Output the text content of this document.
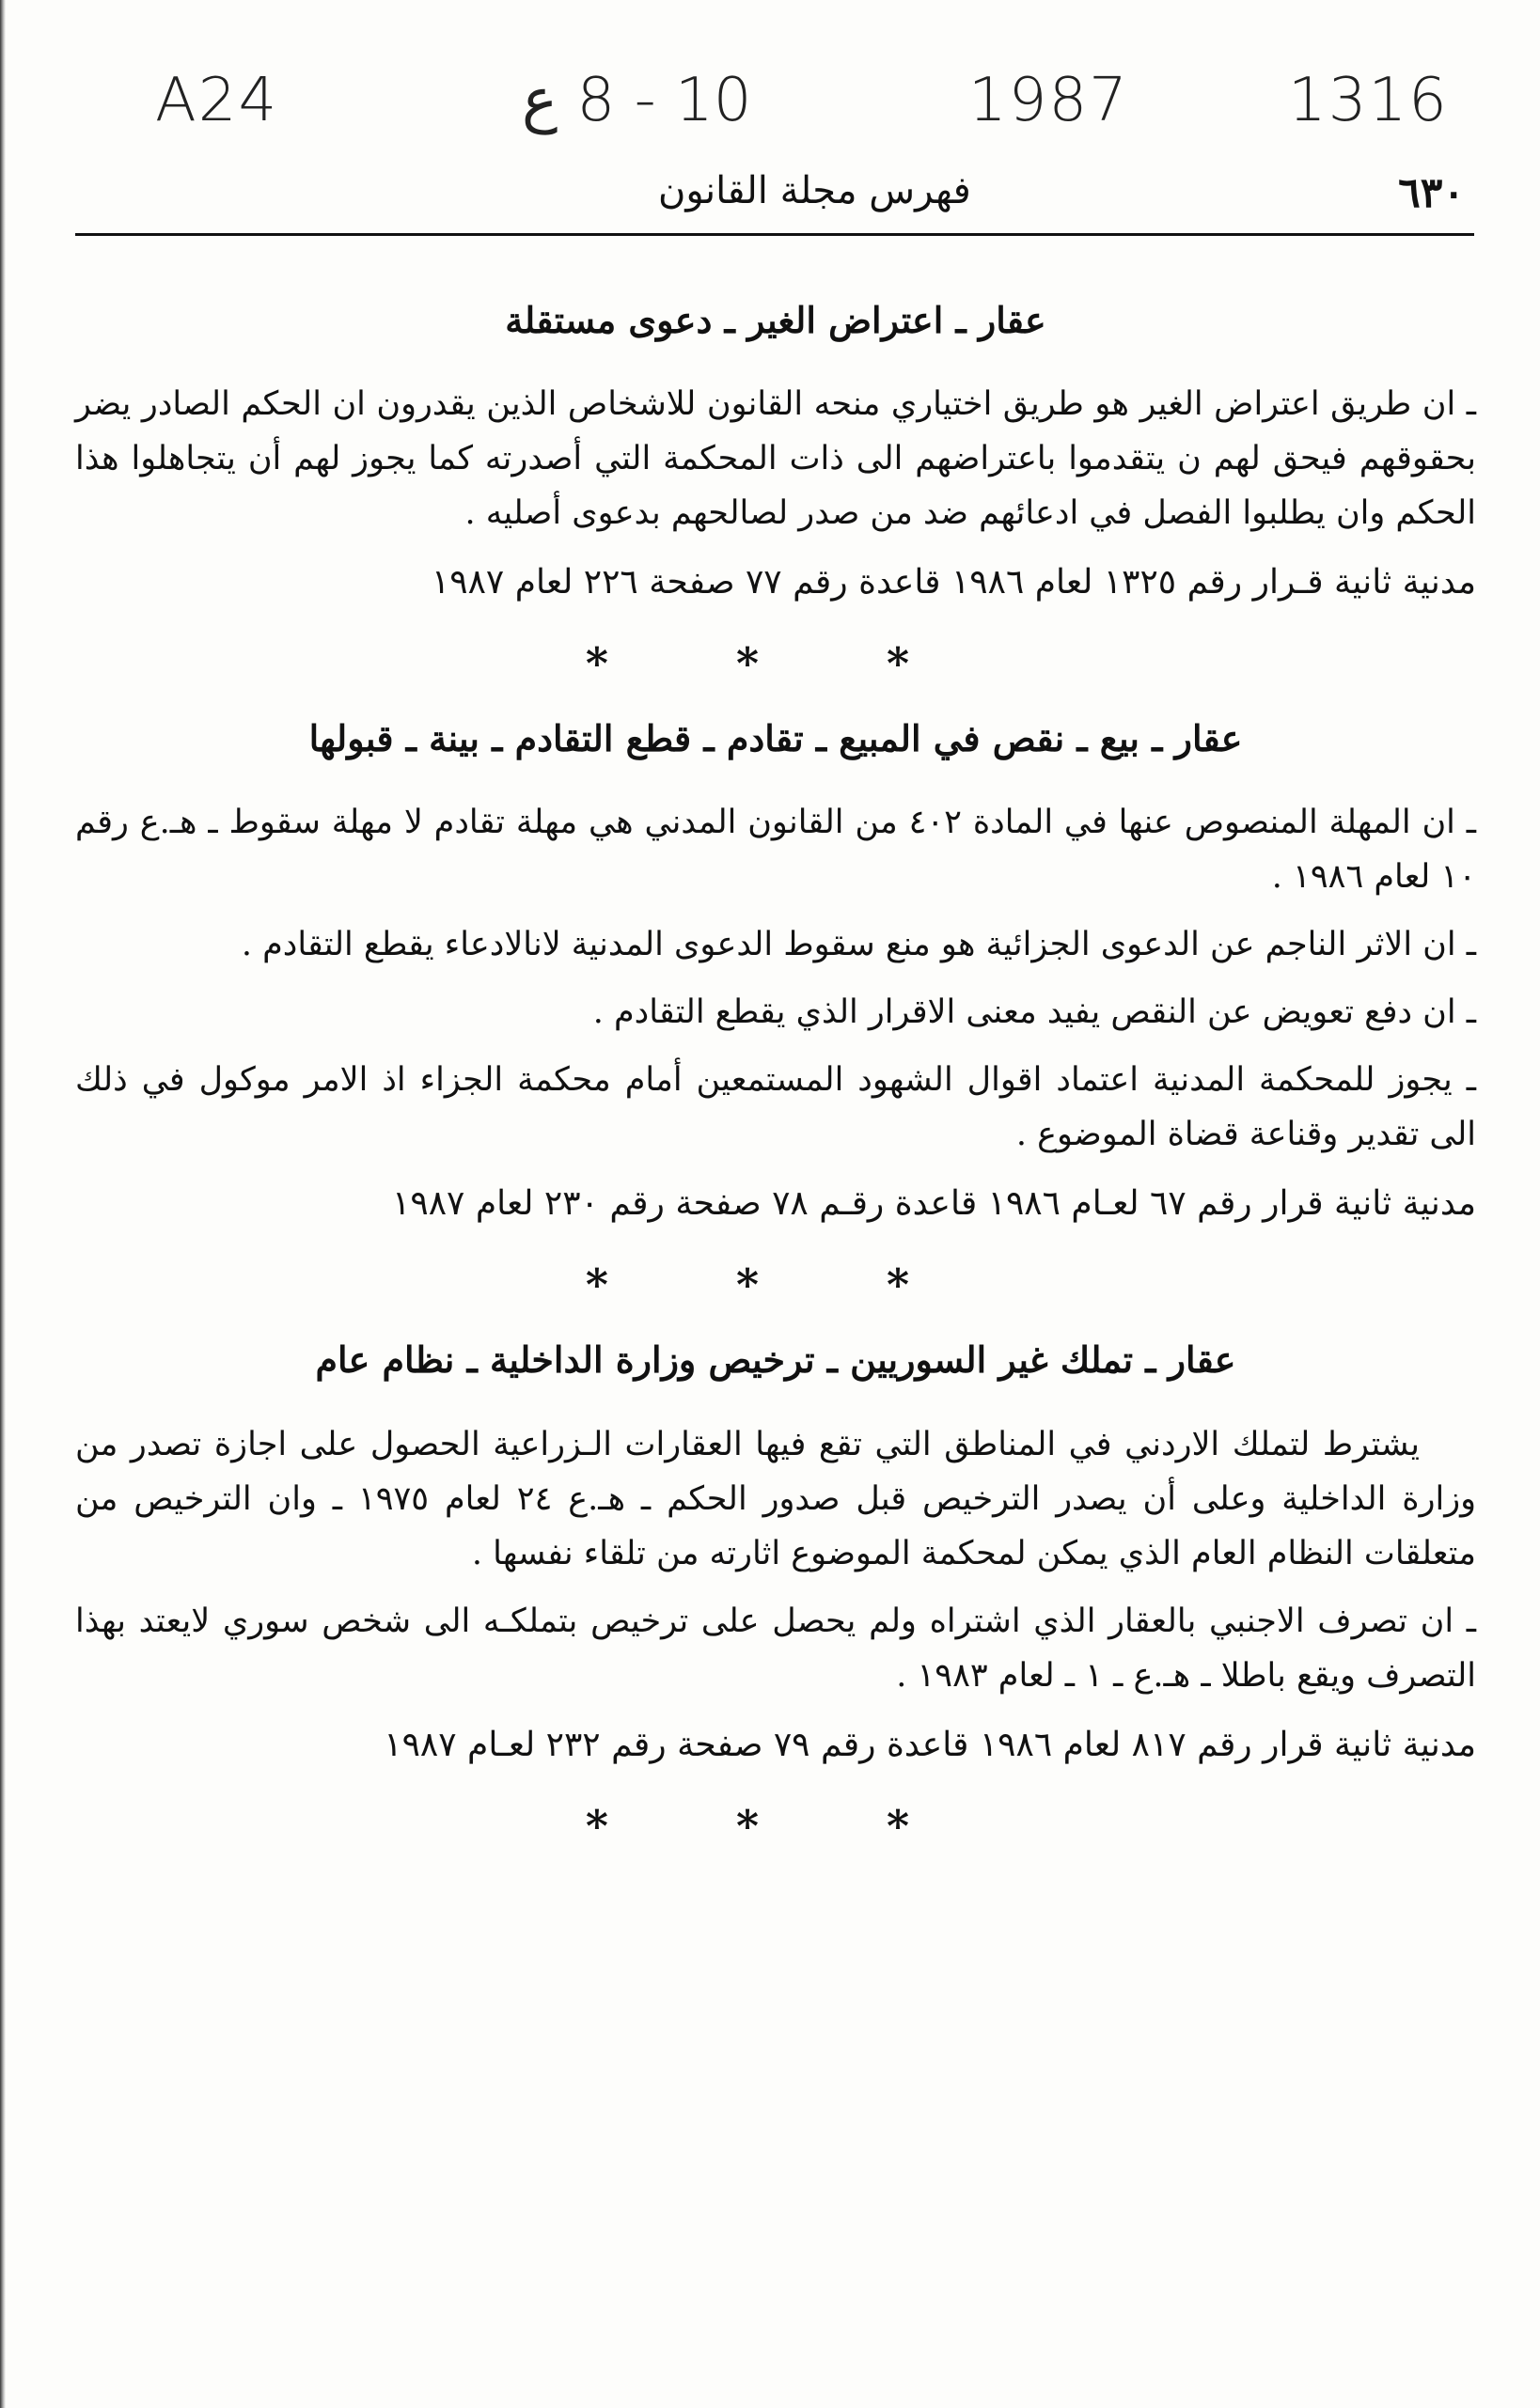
A24	10 - 8 ع	1987	1316
فهرس مجلة القانون	٦٣٠
عقار ـ اعتراض الغير ـ دعوى مستقلة

ـ ان طريق اعتراض الغير هو طريق اختياري منحه القانون للاشخاص الذين يقدرون ان الحكم الصادر يضر بحقوقهم فيحق لهم ن يتقدموا باعتراضهم الى ذات المحكمة التي أصدرته كما يجوز لهم أن يتجاهلوا هذا الحكم وان يطلبوا الفصل في ادعائهم ضد من صدر لصالحهم بدعوى أصليه .

مدنية ثانية قـرار رقم ١٣٢٥ لعام ١٩٨٦ قاعدة رقم ٧٧ صفحة ٢٢٦ لعام ١٩٨٧
* * *
عقار ـ بيع ـ نقص في المبيع ـ تقادم ـ قطع التقادم ـ بينة ـ قبولها

ـ ان المهلة المنصوص عنها في المادة ٤٠٢ من القانون المدني هي مهلة تقادم لا مهلة سقوط ـ هـ.ع رقم ١٠ لعام ١٩٨٦ .

ـ ان الاثر الناجم عن الدعوى الجزائية هو منع سقوط الدعوى المدنية لانالادعاء يقطع التقادم .

ـ ان دفع تعويض عن النقص يفيد معنى الاقرار الذي يقطع التقادم .

ـ يجوز للمحكمة المدنية اعتماد اقوال الشهود المستمعين أمام محكمة الجزاء اذ الامر موكول في ذلك الى تقدير وقناعة قضاة الموضوع .

مدنية ثانية قرار رقم ٦٧ لعـام ١٩٨٦ قاعدة رقـم ٧٨ صفحة رقم ٢٣٠ لعام ١٩٨٧
* * *
عقار ـ تملك غير السوريين ـ ترخيص وزارة الداخلية ـ نظام عام

يشترط لتملك الاردني في المناطق التي تقع فيها العقارات الـزراعية الحصول على اجازة تصدر من وزارة الداخلية وعلى أن يصدر الترخيص قبل صدور الحكم ـ هـ.ع ٢٤ لعام ١٩٧٥ ـ وان الترخيص من متعلقات النظام العام الذي يمكن لمحكمة الموضوع اثارته من تلقاء نفسها .

ـ ان تصرف الاجنبي بالعقار الذي اشتراه ولم يحصل على ترخيص بتملكـه الى شخص سوري لايعتد بهذا التصرف ويقع باطلا ـ هـ.ع ـ ١ ـ لعام ١٩٨٣ .

مدنية ثانية قرار رقم ٨١٧ لعام ١٩٨٦ قاعدة رقم ٧٩ صفحة رقم ٢٣٢ لعـام ١٩٨٧
* * *
